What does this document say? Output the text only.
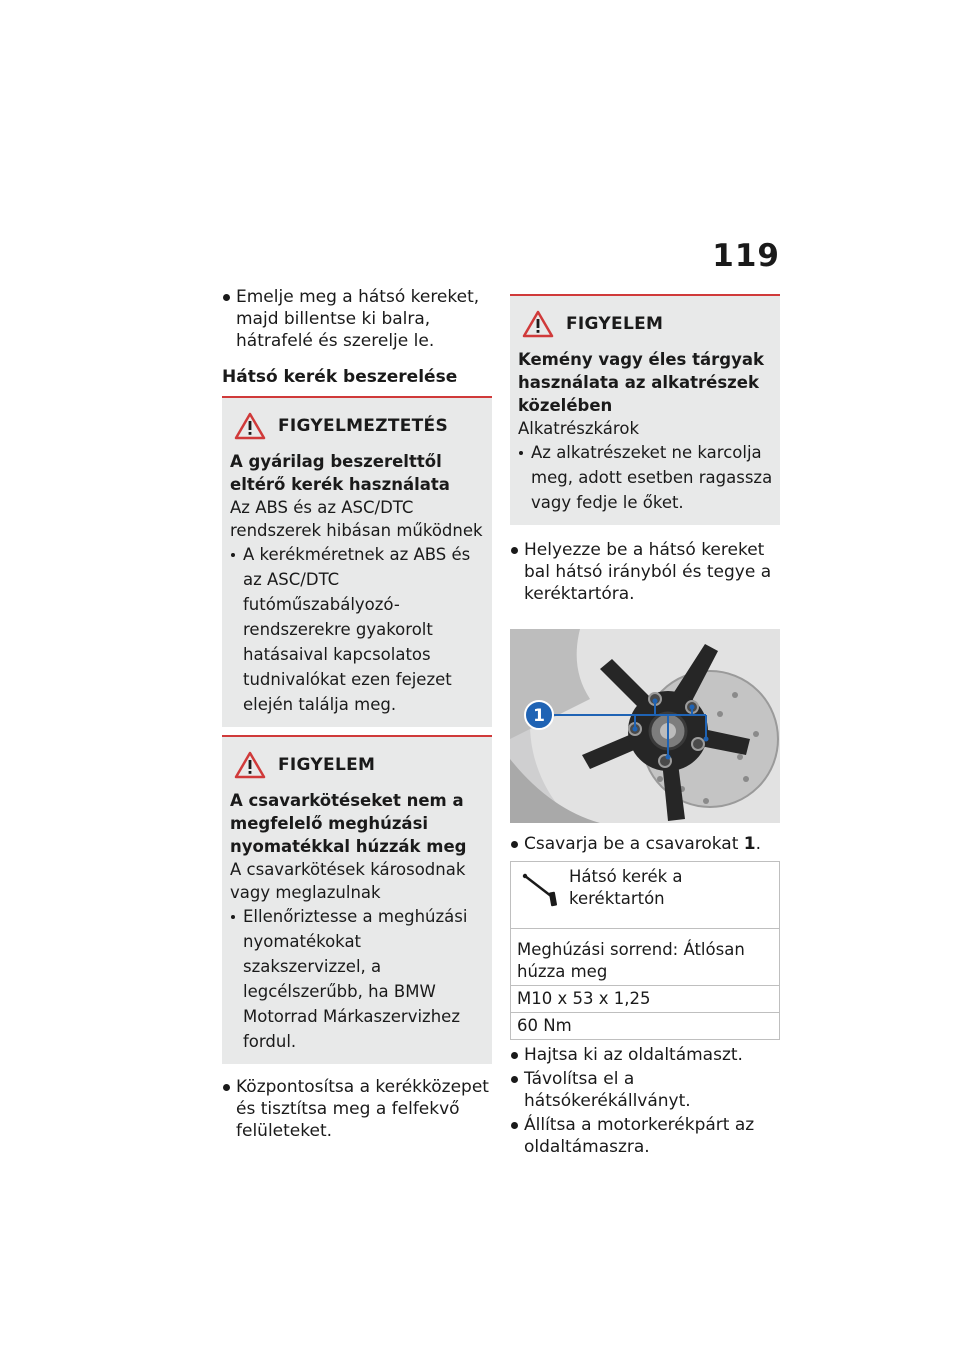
119
Emelje meg a hátsó kereket, majd billentse ki balra, hátrafelé és szerelje le.
Hátsó kerék beszerelése
FIGYELMEZTETÉS
A gyárilag beszerelttől eltérő kerék használata
Az ABS és az ASC/DTC rendszerek hibásan működnek
A kerékméretnek az ABS és az ASC/DTC futóműszabályozó-rendszerekre gyakorolt hatásaival kapcsolatos tudnivalókat ezen fejezet elején találja meg.
FIGYELEM
A csavarkötéseket nem a megfelelő meghúzási nyomatékkal húzzák meg
A csavarkötések károsodnak vagy meglazulnak
Ellenőriztesse a meghúzási nyomatékokat szakszervizzel, a legcélszerűbb, ha BMW Motorrad Márkaszervizhez fordul.
Központosítsa a kerékközepet és tisztítsa meg a felfekvő felületeket.
FIGYELEM
Kemény vagy éles tárgyak használata az alkatrészek közelében
Alkatrészkárok
Az alkatrészeket ne karcolja meg, adott esetben ragassza vagy fedje le őket.
Helyezze be a hátsó kereket bal hátsó irányból és tegye a keréktartóra.
1
Csavarja be a csavarokat 1.
Hátsó kerék a keréktartón
Meghúzási sorrend: Átlósan húzza meg
M10 x 53 x 1,25
60 Nm
Hajtsa ki az oldaltámaszt.
Távolítsa el a hátsókerékállványt.
Állítsa a motorkerékpárt az oldaltámaszra.
